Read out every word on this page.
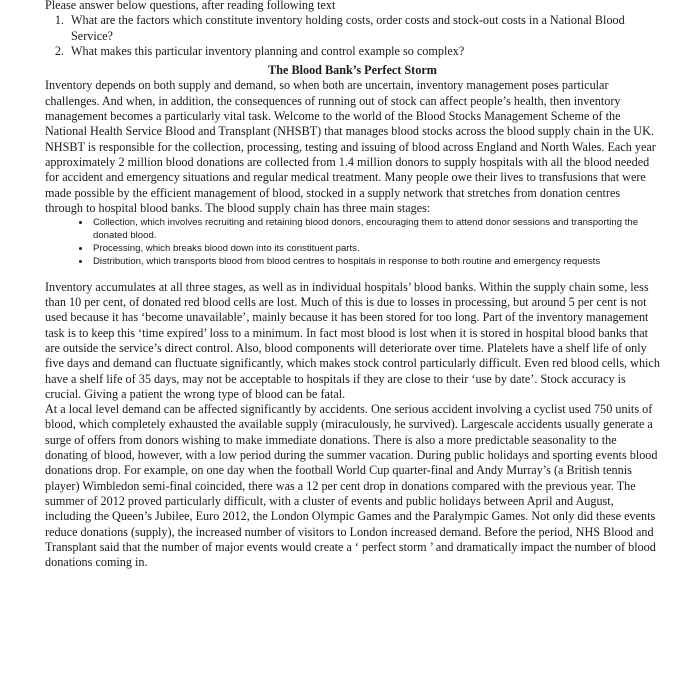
Please answer below questions, after reading following text
1. What are the factors which constitute inventory holding costs, order costs and stock-out costs in a National Blood Service?
2. What makes this particular inventory planning and control example so complex?
The Blood Bank’s Perfect Storm

Inventory depends on both supply and demand, so when both are uncertain, inventory management poses particular challenges. And when, in addition, the consequences of running out of stock can affect people’s health, then inventory management becomes a particularly vital task. Welcome to the world of the Blood Stocks Management Scheme of the National Health Service Blood and Transplant (NHSBT) that manages blood stocks across the blood supply chain in the UK. NHSBT is responsible for the collection, processing, testing and issuing of blood across England and North Wales. Each year approximately 2 million blood donations are collected from 1.4 million donors to supply hospitals with all the blood needed for accident and emergency situations and regular medical treatment. Many people owe their lives to transfusions that were made possible by the efficient management of blood, stocked in a supply network that stretches from donation centres through to hospital blood banks. The blood supply chain has three main stages:

• Collection, which involves recruiting and retaining blood donors, encouraging them to attend donor sessions and transporting the donated blood.
• Processing, which breaks blood down into its constituent parts.
• Distribution, which transports blood from blood centres to hospitals in response to both routine and emergency requests

Inventory accumulates at all three stages, as well as in individual hospitals’ blood banks. Within the supply chain some, less than 10 per cent, of donated red blood cells are lost. Much of this is due to losses in processing, but around 5 per cent is not used because it has ‘become unavailable’, mainly because it has been stored for too long. Part of the inventory management task is to keep this ‘time expired’ loss to a minimum. In fact most blood is lost when it is stored in hospital blood banks that are outside the service’s direct control. Also, blood components will deteriorate over time. Platelets have a shelf life of only five days and demand can fluctuate significantly, which makes stock control particularly difficult. Even red blood cells, which have a shelf life of 35 days, may not be acceptable to hospitals if they are close to their ‘use by date’. Stock accuracy is crucial. Giving a patient the wrong type of blood can be fatal.

At a local level demand can be affected significantly by accidents. One serious accident involving a cyclist used 750 units of blood, which completely exhausted the available supply (miraculously, he survived). Largescale accidents usually generate a surge of offers from donors wishing to make immediate donations. There is also a more predictable seasonality to the donating of blood, however, with a low period during the summer vacation. During public holidays and sporting events blood donations drop. For example, on one day when the football World Cup quarter-final and Andy Murray’s (a British tennis player) Wimbledon semi-final coincided, there was a 12 per cent drop in donations compared with the previous year. The summer of 2012 proved particularly difficult, with a cluster of events and public holidays between April and August, including the Queen’s Jubilee, Euro 2012, the London Olympic Games and the Paralympic Games. Not only did these events reduce donations (supply), the increased number of visitors to London increased demand. Before the period, NHS Blood and Transplant said that the number of major events would create a ‘ perfect storm ’ and dramatically impact the number of blood donations coming in.
